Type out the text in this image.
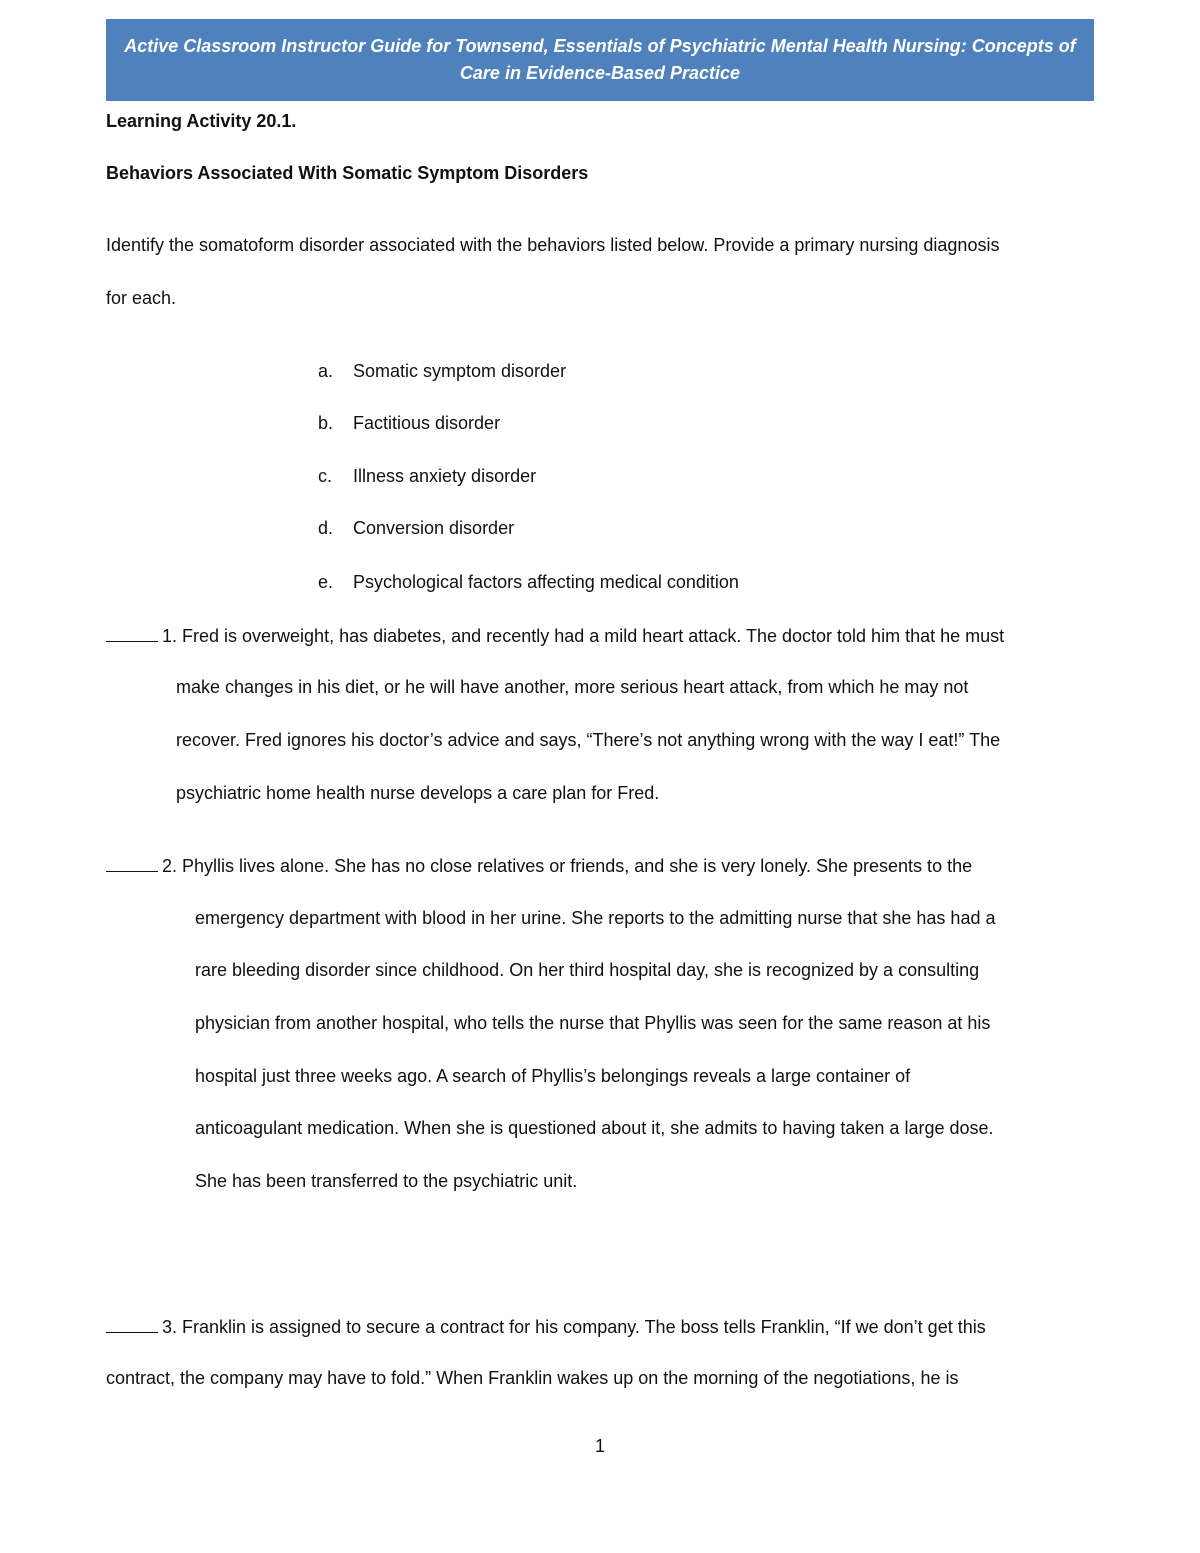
Active Classroom Instructor Guide for Townsend, Essentials of Psychiatric Mental Health Nursing: Concepts of Care in Evidence-Based Practice
Learning Activity 20.1.
Behaviors Associated With Somatic Symptom Disorders
Identify the somatoform disorder associated with the behaviors listed below. Provide a primary nursing diagnosis
for each.
a. Somatic symptom disorder
b. Factitious disorder
c. Illness anxiety disorder
d. Conversion disorder
e. Psychological factors affecting medical condition
1. Fred is overweight, has diabetes, and recently had a mild heart attack. The doctor told him that he must
make changes in his diet, or he will have another, more serious heart attack, from which he may not
recover. Fred ignores his doctor’s advice and says, “There’s not anything wrong with the way I eat!” The
psychiatric home health nurse develops a care plan for Fred.
2. Phyllis lives alone. She has no close relatives or friends, and she is very lonely. She presents to the
emergency department with blood in her urine. She reports to the admitting nurse that she has had a
rare bleeding disorder since childhood. On her third hospital day, she is recognized by a consulting
physician from another hospital, who tells the nurse that Phyllis was seen for the same reason at his
hospital just three weeks ago. A search of Phyllis’s belongings reveals a large container of
anticoagulant medication. When she is questioned about it, she admits to having taken a large dose.
She has been transferred to the psychiatric unit.
3. Franklin is assigned to secure a contract for his company. The boss tells Franklin, “If we don’t get this
contract, the company may have to fold.” When Franklin wakes up on the morning of the negotiations, he is
1
